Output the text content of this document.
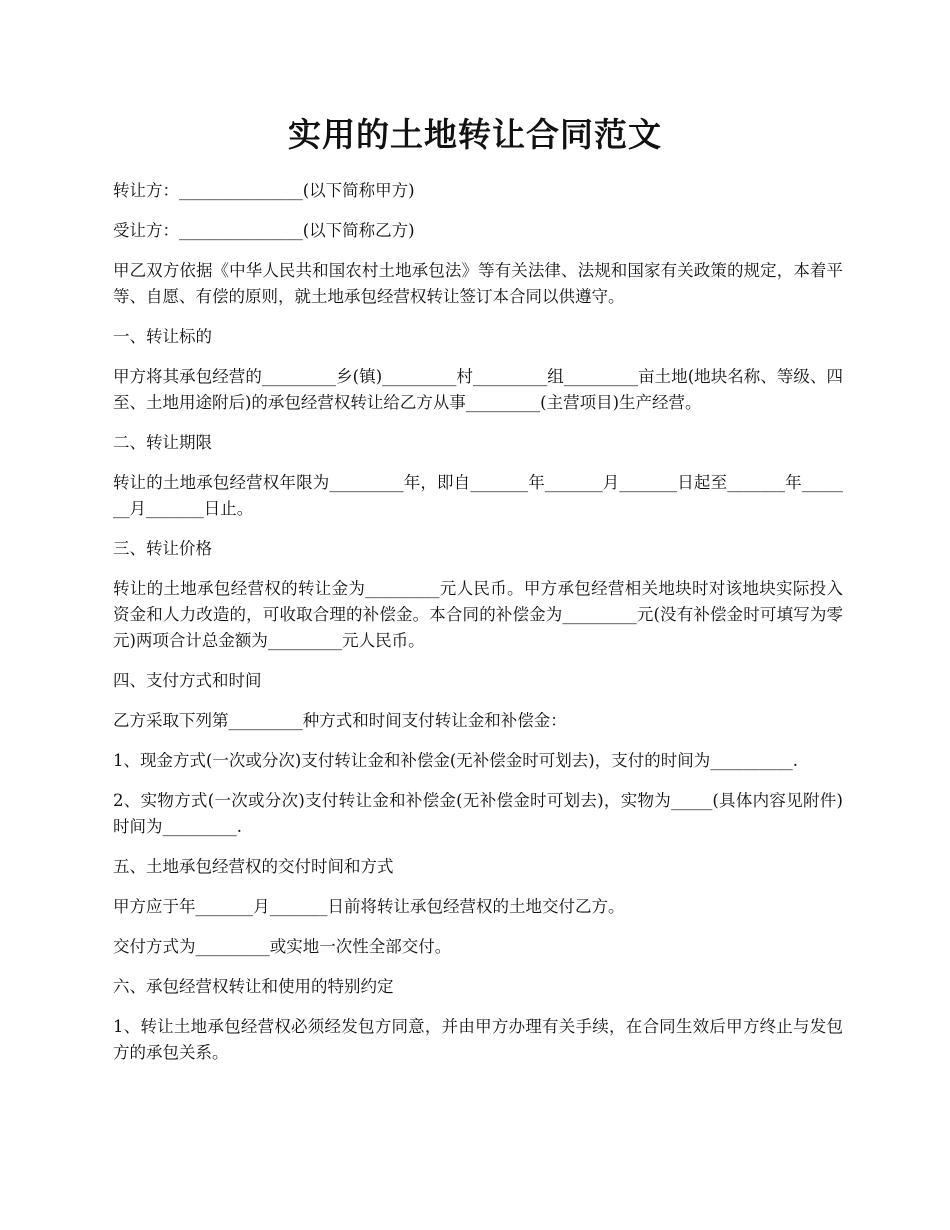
实用的土地转让合同范文

转让方：_______________(以下简称甲方)

受让方：_______________(以下简称乙方)

甲乙双方依据《中华人民共和国农村土地承包法》等有关法律、法规和国家有关政策的规定，本着平等、自愿、有偿的原则，就土地承包经营权转让签订本合同以供遵守。

一、转让标的

甲方将其承包经营的_________乡(镇)_________村_________组_________亩土地(地块名称、等级、四至、土地用途附后)的承包经营权转让给乙方从事_________(主营项目)生产经营。

二、转让期限

转让的土地承包经营权年限为_________年，即自_______年_______月_______日起至_______年_______月_______日止。

三、转让价格

转让的土地承包经营权的转让金为_________元人民币。甲方承包经营相关地块时对该地块实际投入资金和人力改造的，可收取合理的补偿金。本合同的补偿金为_________元(没有补偿金时可填写为零元)两项合计总金额为_________元人民币。

四、支付方式和时间

乙方采取下列第_________种方式和时间支付转让金和补偿金：

1、现金方式(一次或分次)支付转让金和补偿金(无补偿金时可划去)，支付的时间为__________.

2、实物方式(一次或分次)支付转让金和补偿金(无补偿金时可划去)，实物为_____(具体内容见附件)时间为_________.

五、土地承包经营权的交付时间和方式

甲方应于年_______月_______日前将转让承包经营权的土地交付乙方。

交付方式为_________或实地一次性全部交付。

六、承包经营权转让和使用的特别约定

1、转让土地承包经营权必须经发包方同意，并由甲方办理有关手续，在合同生效后甲方终止与发包方的承包关系。
